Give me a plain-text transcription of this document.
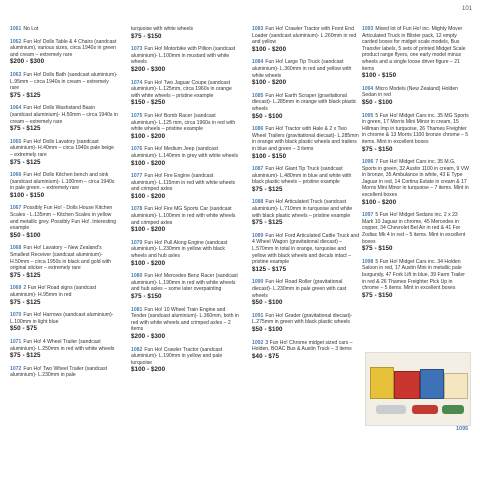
101

1061 No Lot

1062 Fun Ho! Dolls Table & 4 Chairs (sandcast aluminium), various sizes, circa 1940s in green and cream – extremely rare

$200 - $300

1063 Fun Ho! Dolls Bath (sandcast aluminium)- L.95mm – circa 1940s in cream – extremely rare

$75 - $125

1064 Fun Ho! Dolls Washstand Basin (sandcast aluminium)- H.50mm – circa 1940s in cream – extremely rare

$75 - $125

1065 Fun Ho! Dolls Lavatory (sandcast aluminium)- H.40mm – circa 1940s pale beige – extremely rare

$75 - $125

1066 Fun Ho! Dolls Kitchen bench and sink (sandcast aluminium)- L.100mm – circa 1940s in pale green. – extremely rare

$100 - $150

1067 Possibly Fun Ho! - Dolls House Kitchen Scales - L.135mm – Kitchen Scales in yellow and metallic grey. Possibly Fun Ho!. Interesting example

$50 - $100

1068 Fun Ho! Lavatory – New Zealand's Smallest Receiver (sandcast aluminium)- H.50mm – circa 1950s in black and gold with original sticker – extremely rare

$75 - $125

1069 2 Fun Ho! Road signs (sandcast aluminium)- H.95mm in red

$75 - $125

1070 Fun Ho! Harrows (sandcast aluminium)- L.100mm in light blue

$50 - $75

1071 Fun Ho! 4 Wheel Trailer (sandcast aluminium)- L.250mm in red with white wheels

$75 - $125

1072 Fun Ho! Two Wheel Trailer (sandcast aluminium)- L.230mm in pale

turquoise with white wheels

$75 - $150

1073 Fun Ho! Motorbike with Pillion (sandcast aluminium)- L.100mm in mustard with white wheels

$200 - $300

1074 Fun Ho! Two Jaguar Coupe (sandcast aluminium)- L.125mm, circa 1960s in orange with white wheels – pristine example

$150 - $250

1075 Fun Ho! Bomb Racer (sandcast aluminium)- L.125 mm, circa 1960s in red with white wheels – pristine example

$100 - $200

1076 Fun Ho! Medium Jeep (sandcast aluminium)- L.140mm in grey with white wheels

$100 - $200

1077 Fun Ho! Fire Engine (sandcast aluminium)- L.115mm in red with white wheels and crimped axles

$100 - $200

1078 Fun Ho! Fire MG Sports Car (sandcast aluminium)- L.100mm in red with white wheels and crimped axles

$100 - $200

1079 Fun Ho! Pull Along Engine (sandcast aluminium)- L.230mm in yellow with black wheels and hub axles

$100 - $200

1080 Fun Ho! Mercedes Benz Racer (sandcast aluminium)- L.190mm in red with white wheels and hub axles – some later overpainting

$75 - $150

1081 Fun Ho! 10 Wheel Train Engine and Tender (sandcast aluminium)- L.360mm, both in red with white wheels and crimped axles – 2 items

$200 - $300

1082 Fun Ho! Crawler Tractor (sandcast aluminium)- L.190mm in yellow and pale turquoise

$100 - $200

1083 Fun Ho! Crawler Tractor with Front End Loader (sandcast aluminium)- L.260mm in red and yellow

$100 - $200

1084 Fun Ho! Large Tip Truck (sandcast aluminium)- L.360mm in red and yellow with white wheels

$100 - $200

1085 Fun Ho! Earth Scraper (gravitational diecast)- L.285mm in orange with black plastic wheels

$50 - $100

1086 Fun Ho! Tractor with Hale & 2 x Two Wheel Trailers (gravitational diecast)- L.285mm in orange with black plastic wheels and trailers in blue and green – 3 items

$100 - $150

1087 Fun Ho! Giant Tip Truck (sandcast aluminium)- L.480mm in blue and white with black plastic wheels – pristine example

$75 - $125

1088 Fun Ho! Articulated Truck (sandcast aluminium)- L.710mm in turquoise and white with black plastic wheels – pristine example

$75 - $125

1089 Fun Ho! Ford Articulated Cattle Truck and 4 Wheel Wagon (gravitational diecast) – L.570mm in total in orange, turquoise and yellow with black wheels and decals intact – pristine example

$125 - $175

1090 Fun Ho! Road Roller (gravitational diecast)- L.230mm in pale green with cast wheels

$50 - $100

1091 Fun Ho! Grader (gravitational diecast)- L.275mm in green with black plastic wheels

$50 - $100

1092 3 Fun Ho! Chrome midget sized cars – Holden, BOAC Bus & Austin Truck – 3 items

$40 - $75

1093 Mixed lot of Fun Ho! inc. Mighty Mover Articulated Truck in Blister pack, 12 empty carded boxes for midget scale models, Bus Transfer labels, 5 sets of printed Midget Scale product range flyers, one early model minus wheels and a single loose driver figure – 21 items

$100 - $150

1094 Micro Models (New Zealand) Holden Sedan in red

$50 - $100

1095 5 Fun Ho! Midget Cars inc. 35 MG Sports in green, 17 Morris Mini Minor in cream, 15 Hillman Imp in turquoise, 26 Thames Freighter in chrome & 13 Morris 1100 bronze chrome – 5 items. Mint in excellent boxes

$75 - $150

1096 7 Fun Ho! Midget Cars inc. 35 M.G. Sports in green, 32 Austin 1100 in cream, 9 VW in bronze, 35 Ambulance in white, 43 E Type Jaguar in red, 14 Cortina Estate in cream & 17 Morris Mini Minor in turquoise – 7 items. Mint in excellent boxes

$100 - $200

1097 5 Fun Ho! Midget Sedans inc. 2 x 23 Mark 10 Jaguar in chrome, 45 Mercedes in copper, 34 Chevrolet Bel Air in red & 41 For Zodiac Mk 4 in red – 5 items. Mint in excellent boxes

$75 - $150

1098 5 Fun Ho! Midget Cars inc. 34 Holden Saloon in red, 17 Austin Mini in metallic pale burgundy, 47 Fork Lift in blue, 39 Farm Trailer in red & 26 Thames Freighter Pick Up in chrome – 5 items. Mint in excellent boxes

$75 - $150

1095
